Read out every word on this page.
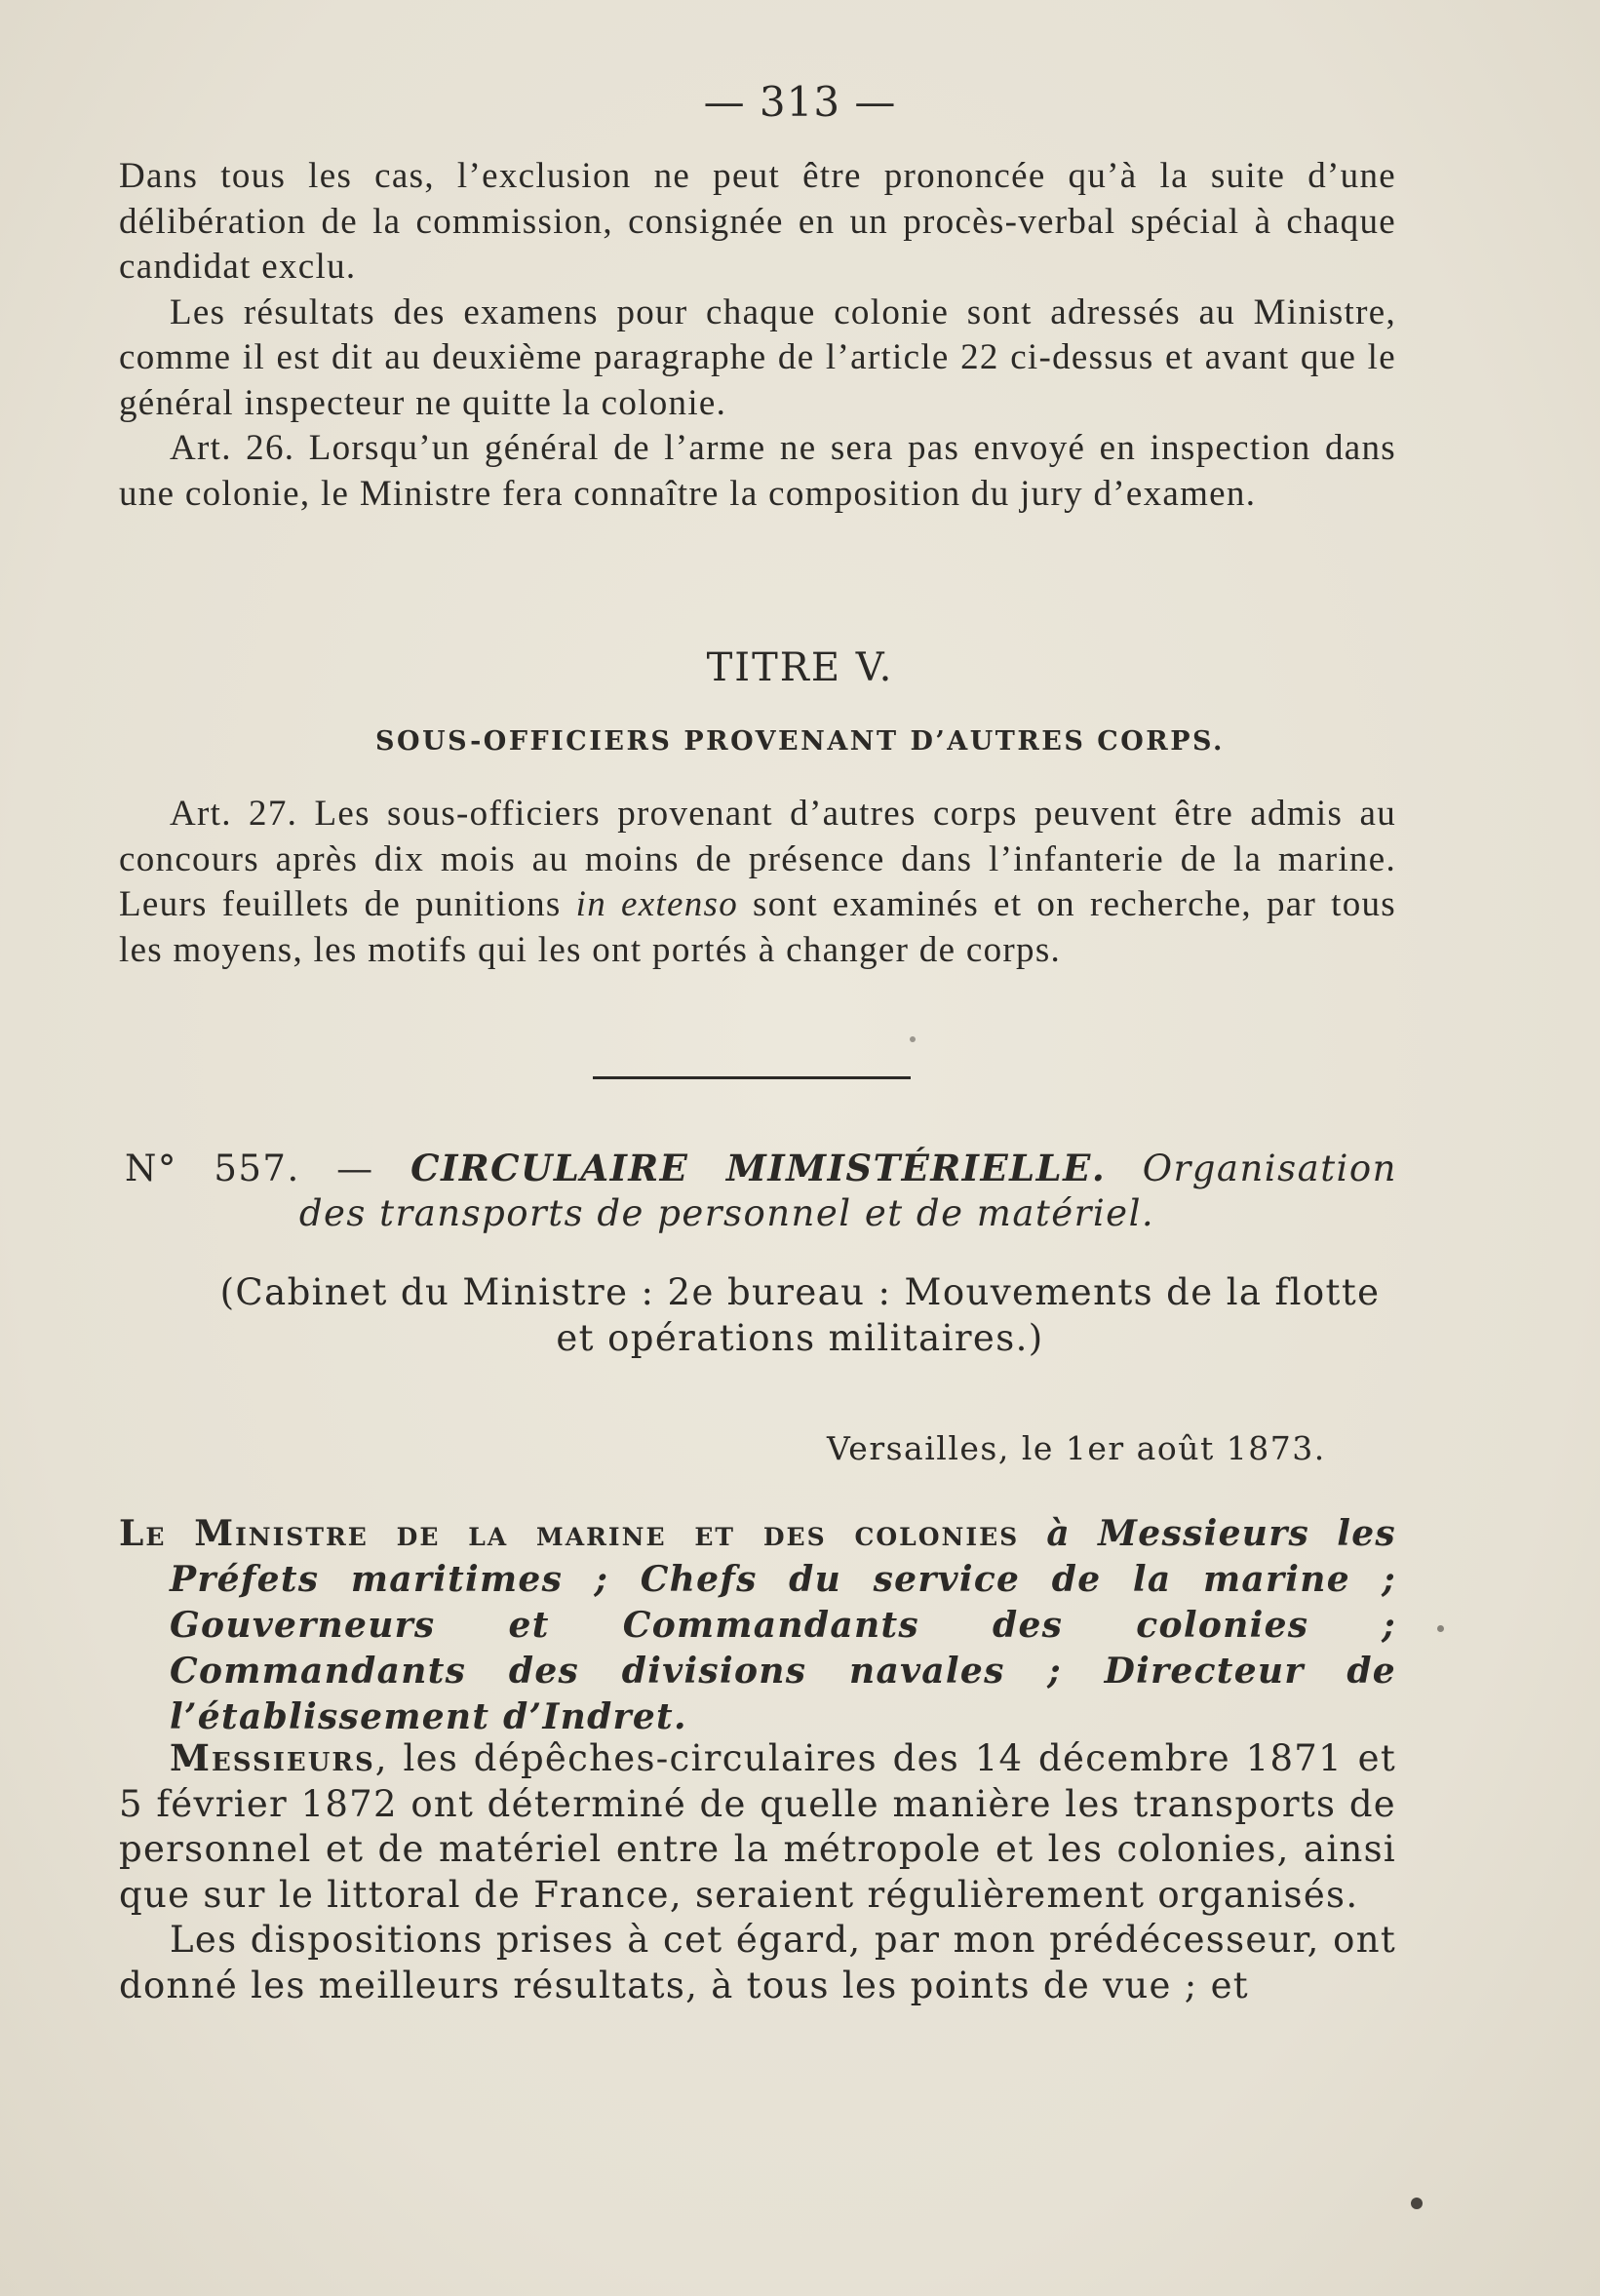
— 313 —

Dans tous les cas, l’exclusion ne peut être prononcée qu’à la suite d’une délibération de la commission, consignée en un procès-verbal spécial à chaque candidat exclu.

Les résultats des examens pour chaque colonie sont adressés au Ministre, comme il est dit au deuxième paragraphe de l’article 22 ci-dessus et avant que le général inspecteur ne quitte la colonie.

Art. 26. Lorsqu’un général de l’arme ne sera pas envoyé en inspection dans une colonie, le Ministre fera connaître la composition du jury d’examen.

TITRE V.
SOUS-OFFICIERS PROVENANT D’AUTRES CORPS.

Art. 27. Les sous-officiers provenant d’autres corps peuvent être admis au concours après dix mois au moins de présence dans l’infanterie de la marine. Leurs feuillets de punitions in extenso sont examinés et on recherche, par tous les moyens, les motifs qui les ont portés à changer de corps.

N° 557. — CIRCULAIRE MIMISTÉRIELLE. Organisation
des transports de personnel et de matériel.
(Cabinet du Ministre : 2e bureau : Mouvements de la flotte
et opérations militaires.)
Versailles, le 1er août 1873.
Le Ministre de la marine et des colonies à Messieurs les Préfets maritimes ; Chefs du service de la marine ; Gouverneurs et Commandants des colonies ; Commandants des divisions navales ; Directeur de l’établissement d’Indret.

Messieurs, les dépêches-circulaires des 14 décembre 1871 et 5 février 1872 ont déterminé de quelle manière les transports de personnel et de matériel entre la métropole et les colonies, ainsi que sur le littoral de France, seraient régulièrement organisés.

Les dispositions prises à cet égard, par mon prédécesseur, ont donné les meilleurs résultats, à tous les points de vue ; et
